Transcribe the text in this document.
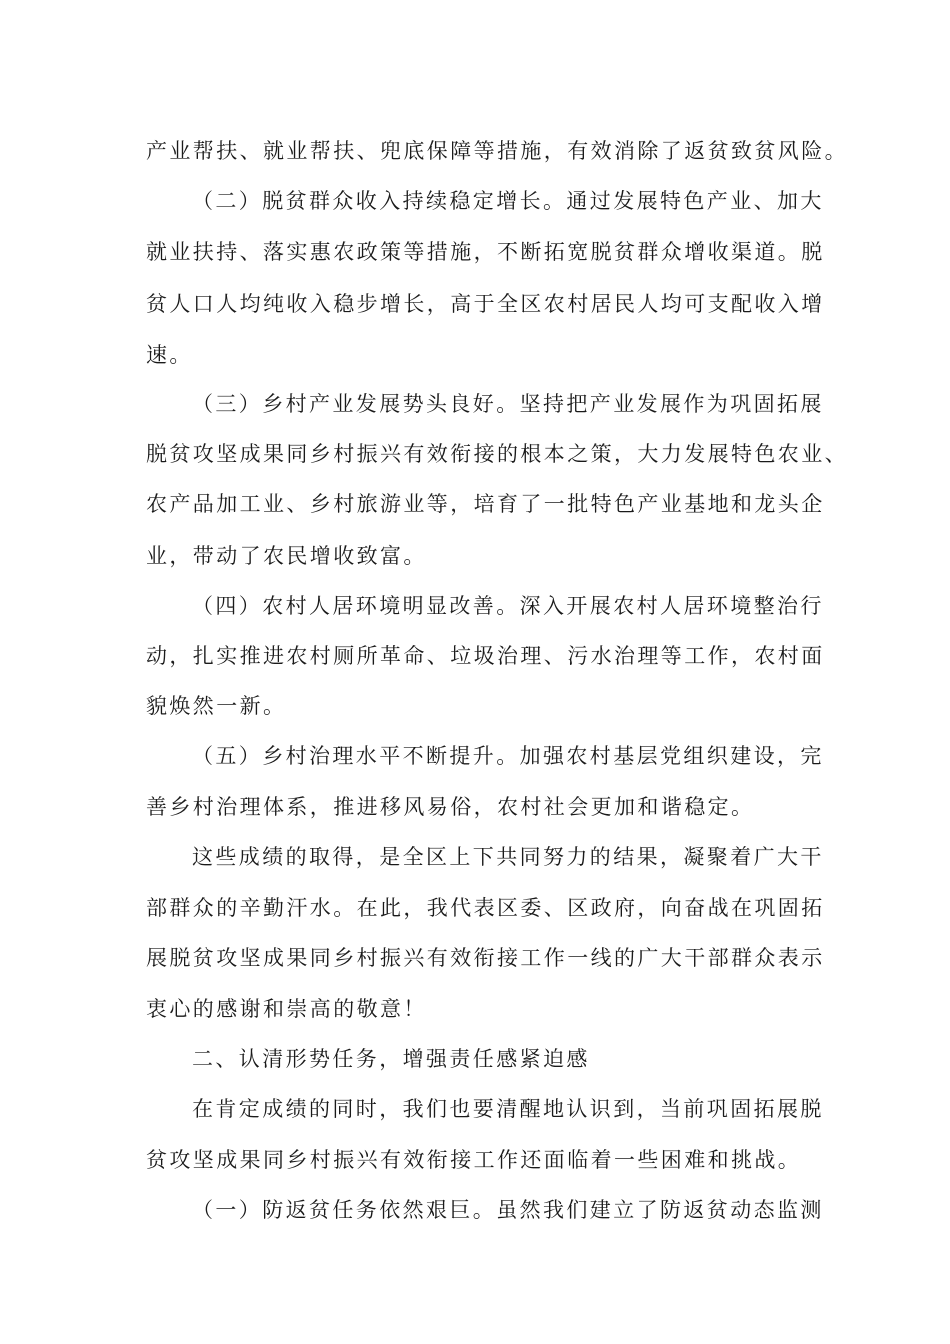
产业帮扶、就业帮扶、兜底保障等措施，有效消除了返贫致贫风险。
（二）脱贫群众收入持续稳定增长。通过发展特色产业、加大
就业扶持、落实惠农政策等措施，不断拓宽脱贫群众增收渠道。脱
贫人口人均纯收入稳步增长，高于全区农村居民人均可支配收入增
速。
（三）乡村产业发展势头良好。坚持把产业发展作为巩固拓展
脱贫攻坚成果同乡村振兴有效衔接的根本之策，大力发展特色农业、
农产品加工业、乡村旅游业等，培育了一批特色产业基地和龙头企
业，带动了农民增收致富。
（四）农村人居环境明显改善。深入开展农村人居环境整治行
动，扎实推进农村厕所革命、垃圾治理、污水治理等工作，农村面
貌焕然一新。
（五）乡村治理水平不断提升。加强农村基层党组织建设，完
善乡村治理体系，推进移风易俗，农村社会更加和谐稳定。
这些成绩的取得，是全区上下共同努力的结果，凝聚着广大干
部群众的辛勤汗水。在此，我代表区委、区政府，向奋战在巩固拓
展脱贫攻坚成果同乡村振兴有效衔接工作一线的广大干部群众表示
衷心的感谢和崇高的敬意！
二、认清形势任务，增强责任感紧迫感
在肯定成绩的同时，我们也要清醒地认识到，当前巩固拓展脱
贫攻坚成果同乡村振兴有效衔接工作还面临着一些困难和挑战。
（一）防返贫任务依然艰巨。虽然我们建立了防返贫动态监测
